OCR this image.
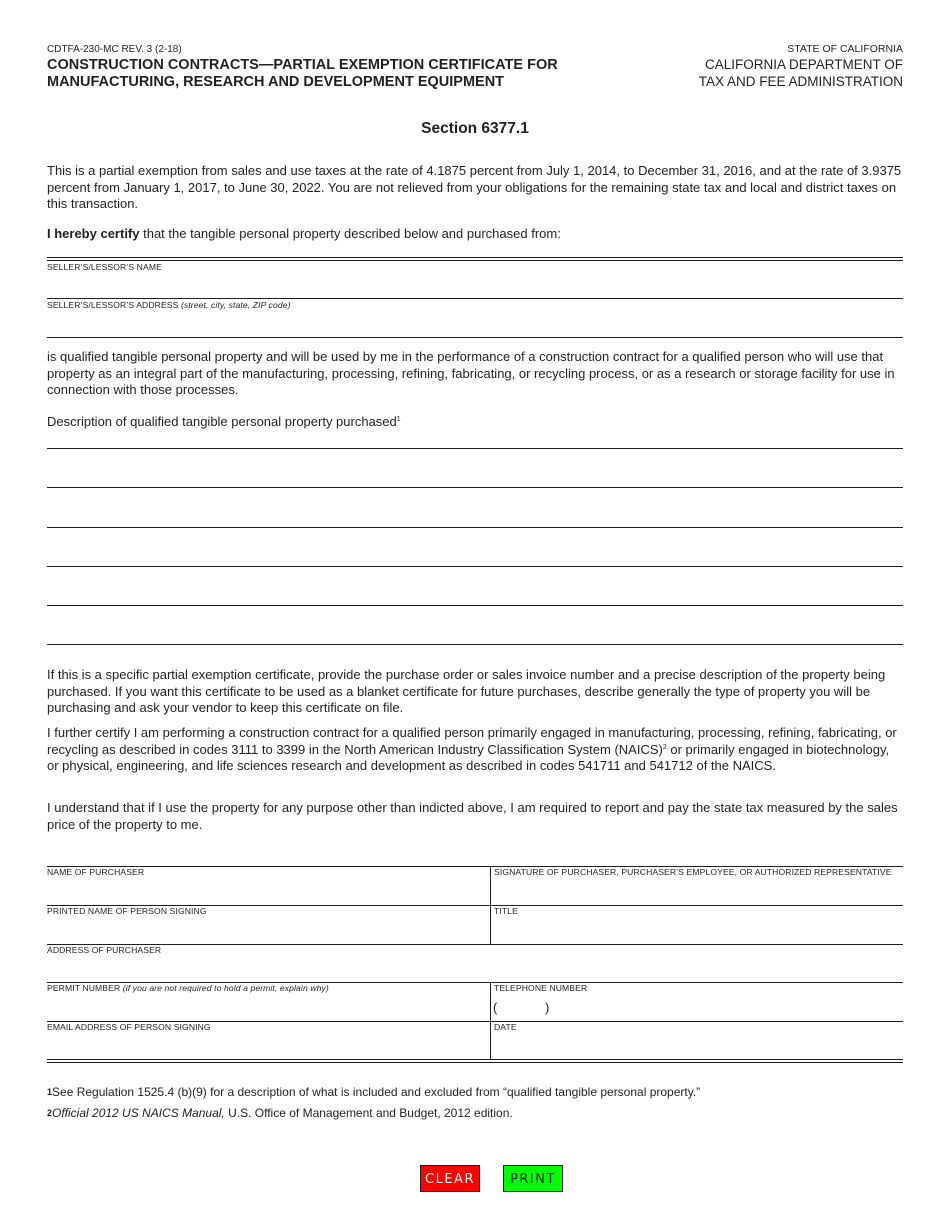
CDTFA-230-MC REV. 3 (2-18)
CONSTRUCTION CONTRACTS—PARTIAL EXEMPTION CERTIFICATE FOR
MANUFACTURING, RESEARCH AND DEVELOPMENT EQUIPMENT
STATE OF CALIFORNIA
CALIFORNIA DEPARTMENT OF
TAX AND FEE ADMINISTRATION
Section 6377.1
This is a partial exemption from sales and use taxes at the rate of 4.1875 percent from July 1, 2014, to December 31, 2016, and at the rate of 3.9375 percent from January 1, 2017, to June 30, 2022. You are not relieved from your obligations for the remaining state tax and local and district taxes on this transaction.
I hereby certify that the tangible personal property described below and purchased from:
SELLER’S/LESSOR’S NAME
SELLER’S/LESSOR’S ADDRESS (street, city, state, ZIP code)
is qualified tangible personal property and will be used by me in the performance of a construction contract for a qualified person who will use that property as an integral part of the manufacturing, processing, refining, fabricating, or recycling process, or as a research or storage facility for use in connection with those processes.
Description of qualified tangible personal property purchased$^1$
If this is a specific partial exemption certificate, provide the purchase order or sales invoice number and a precise description of the property being purchased. If you want this certificate to be used as a blanket certificate for future purchases, describe generally the type of property you will be purchasing and ask your vendor to keep this certificate on file.
I further certify I am performing a construction contract for a qualified person primarily engaged in manufacturing, processing, refining, fabricating, or recycling as described in codes 3111 to 3399 in the North American Industry Classification System (NAICS)$^2$ or primarily engaged in biotechnology, or physical, engineering, and life sciences research and development as described in codes 541711 and 541712 of the NAICS.
I understand that if I use the property for any purpose other than indicted above, I am required to report and pay the state tax measured by the sales price of the property to me.
NAME OF PURCHASER	SIGNATURE OF PURCHASER, PURCHASER’S EMPLOYEE, OR AUTHORIZED REPRESENTATIVE
PRINTED NAME OF PERSON SIGNING	TITLE
ADDRESS OF PURCHASER
PERMIT NUMBER (if you are not required to hold a permit, explain why)	TELEPHONE NUMBER
(	)
EMAIL ADDRESS OF PERSON SIGNING	DATE
$^1$See Regulation 1525.4 (b)(9) for a description of what is included and excluded from “qualified tangible personal property.”
$^2$Official 2012 US NAICS Manual, U.S. Office of Management and Budget, 2012 edition.
CLEAR	PRINT
